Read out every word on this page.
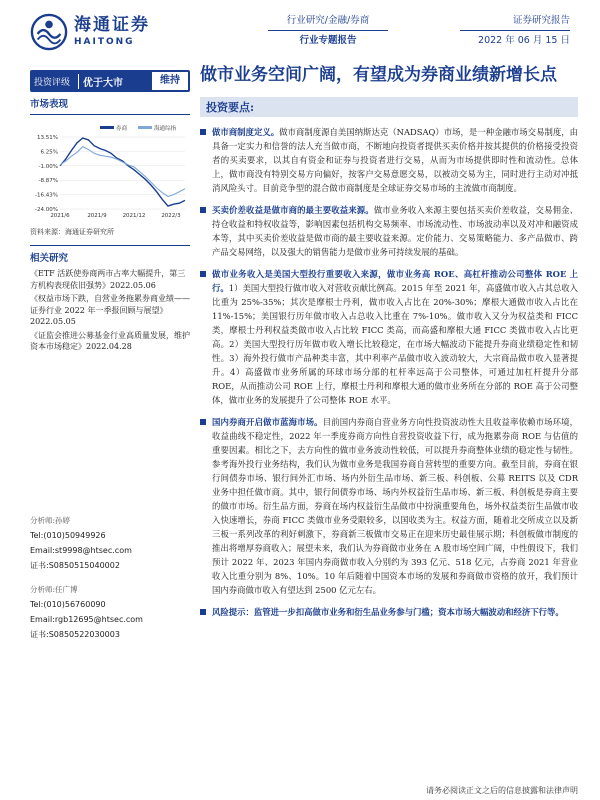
海通证券
HAITONG
行业研究/金融/券商
行业专题报告
证券研究报告
2022 年 06 月 15 日
投资评级	优于大市	维持
市场表现
券商	海通综指
13.51%
6.25%
-1.00%
-8.87%
-16.43%
-24.00%
2021/6	2021/9	2021/12	2022/3
资料来源：海通证券研究所
相关研究
《ETF 活跃使券商两市占率大幅提升，第三方机构表现依旧强势》2022.05.06
《权益市场下跌，自营业务拖累券商业绩——证券行业 2022 年一季报回顾与展望》2022.05.05
《证监会推进公募基金行业高质量发展，维护资本市场稳定》2022.04.28
分析师:孙婷
Tel:(010)50949926
Email:st9998@htsec.com
证书:S0850515040002
分析师:任广博
Tel:(010)56760090
Email:rgb12695@htsec.com
证书:S0850522030003
做市业务空间广阔，有望成为券商业绩新增长点
投资要点:
做市商制度定义。做市商制度源自美国纳斯达克（NADSAQ）市场，是一种金融市场交易制度，由具备一定实力和信誉的法人充当做市商，不断地向投资者提供买卖价格并按其提供的价格接受投资者的买卖要求，以其自有资金和证券与投资者进行交易，从而为市场提供即时性和流动性。总体上，做市商没有特别交易方向偏好，按客户交易意愿交易，以被动交易为主，同时进行主动对冲抵消风险头寸。目前竞争型的混合做市商制度是全球证券交易市场的主流做市商制度。
买卖价差收益是做市商的最主要收益来源。做市业务收入来源主要包括买卖价差收益，交易佣金、持仓收益和特权收益等，影响因素包括机构交易频率、市场流动性、市场波动率以及对冲和融资成本等，其中买卖价差收益是做市商的最主要收益来源。定价能力、交易策略能力、多产品做市、跨产品交易网络，以及强大的销售能力是做市业务可持续发展的基础。
做市业务收入是美国大型投行重要收入来源，做市业务高 ROE、高杠杆推动公司整体 ROE 上行。1）美国大型投行做市收入对营收贡献比例高。2015 年至 2021 年，高盛做市收入占其总收入比重为 25%-35%；其次是摩根士丹利，做市收入占比在 20%-30%；摩根大通做市收入占比在 11%-15%；美国银行历年做市收入占总收入比重在 7%-10%。做市收入又分为权益类和 FICC 类，摩根士丹利权益类做市收入占比较 FICC 类高，而高盛和摩根大通 FICC 类做市收入占比更高。2）美国大型投行历年做市收入增长比较稳定，在市场大幅波动下能提升券商业绩稳定性和韧性。3）海外投行做市产品种类丰富，其中利率产品做市收入波动较大，大宗商品做市收入显著提升。4）高盛做市业务所属的环球市场分部的杠杆率远高于公司整体，可通过加杠杆提升分部 ROE，从而推动公司 ROE 上行，摩根士丹利和摩根大通的做市业务所在分部的 ROE 高于公司整体，做市业务的发展提升了公司整体 ROE 水平。
国内券商开启做市蓝海市场。目前国内券商自营业务方向性投资波动性大且收益率依赖市场环境，收益曲线不稳定性，2022 年一季度券商方向性自营投资收益下行，成为拖累券商 ROE 与估值的重要因素。相比之下，去方向性的做市业务波动性较低，可以提升券商整体业绩的稳定性与韧性。参考海外投行业务结构，我们认为做市业务是我国券商自营转型的重要方向。截至目前，券商在银行间债券市场、银行间外汇市场、场内外衍生品市场、新三板、科创板、公募 REITS 以及 CDR 业务中担任做市商。其中，银行间债券市场、场内外权益衍生品市场、新三板、科创板是券商主要的做市市场。衍生品方面，券商在场内权益衍生品做市中扮演重要角色，场外权益类衍生品做市收入快速增长，券商 FICC 类做市业务受限较多，以国收类为主。权益方面，随着北交所成立以及新三板一系列改革的利好刺激下，券商新三板做市交易正在迎来历史最佳展示期；科创板做市制度的推出将增厚券商收入；展望未来，我们认为券商做市业务在 A 股市场空间广阔，中性假设下，我们预计 2022 年、2023 年国内券商做市收入分别约为 393 亿元、518 亿元，占券商 2021 年营业收入比重分别为 8%、10%。10 年后随着中国资本市场的发展和券商做市资格的放开，我们预计国内券商做市收入有望达到 2500 亿元左右。
风险提示：监管进一步扣高做市业务和衍生品业务参与门槛；资本市场大幅波动和经济下行等。
请务必阅读正文之后的信息披露和法律声明
